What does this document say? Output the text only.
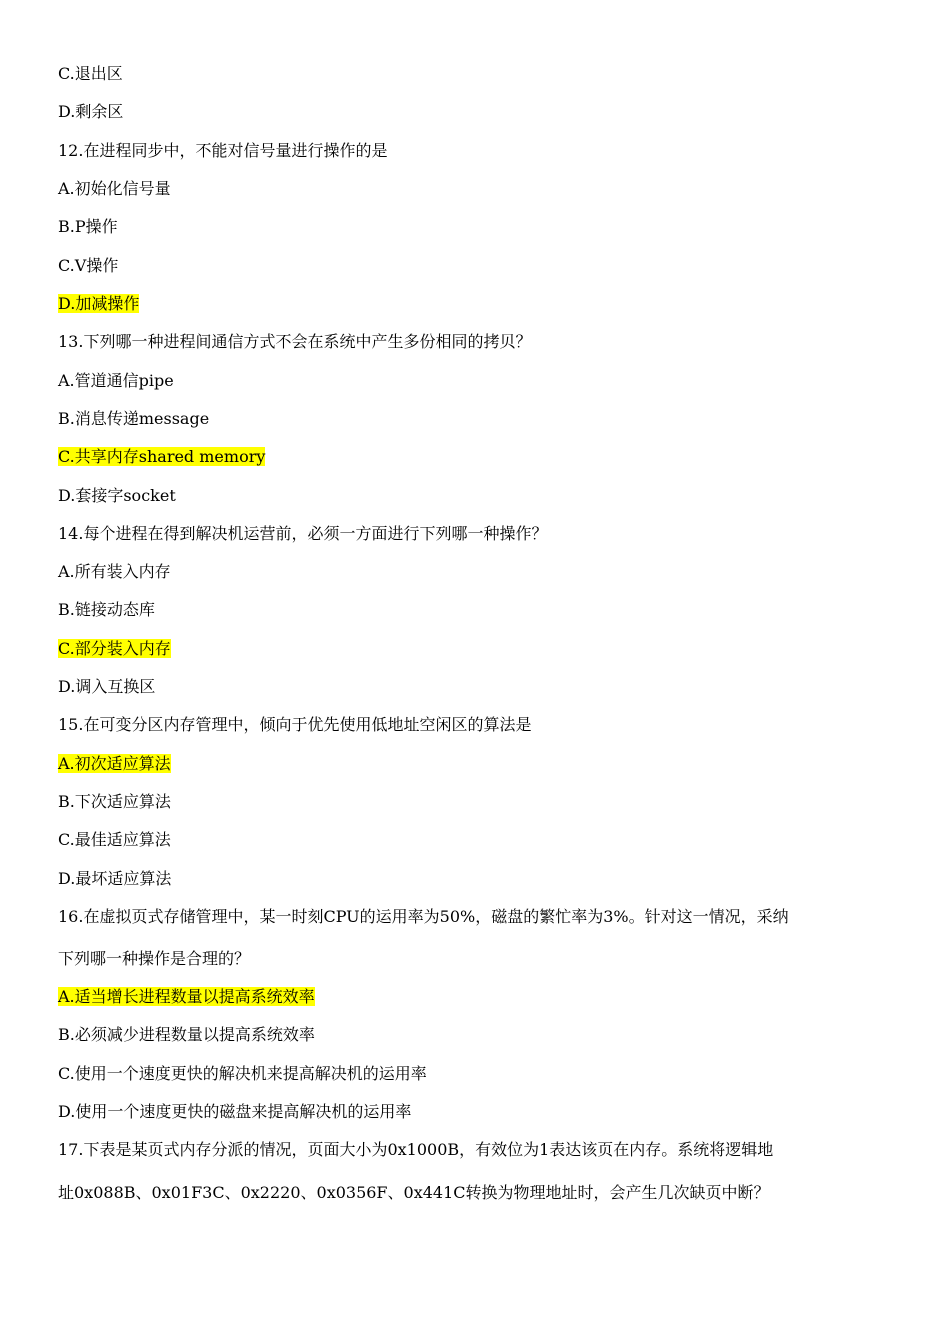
C.退出区
D.剩余区
12.在进程同步中，不能对信号量进行操作的是
A.初始化信号量
B.P操作
C.V操作
D.加减操作
13.下列哪一种进程间通信方式不会在系统中产生多份相同的拷贝？
A.管道通信pipe
B.消息传递message
C.共享内存shared memory
D.套接字socket
14.每个进程在得到解决机运营前，必须一方面进行下列哪一种操作？
A.所有装入内存
B.链接动态库
C.部分装入内存
D.调入互换区
15.在可变分区内存管理中，倾向于优先使用低地址空闲区的算法是
A.初次适应算法
B.下次适应算法
C.最佳适应算法
D.最坏适应算法
16.在虚拟页式存储管理中，某一时刻CPU的运用率为50%，磁盘的繁忙率为3%。针对这一情况，采纳
下列哪一种操作是合理的？
A.适当增长进程数量以提高系统效率
B.必须减少进程数量以提高系统效率
C.使用一个速度更快的解决机来提高解决机的运用率
D.使用一个速度更快的磁盘来提高解决机的运用率
17.下表是某页式内存分派的情况，页面大小为0x1000B，有效位为1表达该页在内存。系统将逻辑地
址0x088B、0x01F3C、0x2220、0x0356F、0x441C转换为物理地址时，会产生几次缺页中断？
